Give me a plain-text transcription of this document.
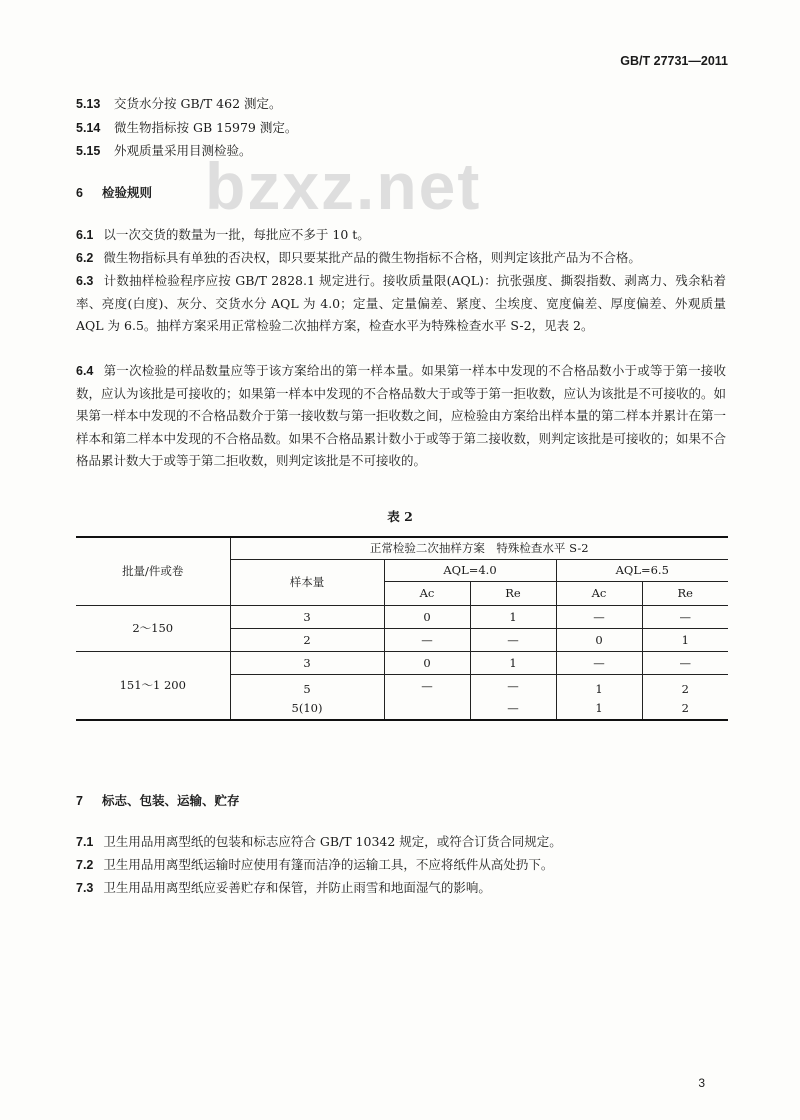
GB/T 27731—2011
bzxz.net
5.13 交货水分按 GB/T 462 测定。
5.14 微生物指标按 GB 15979 测定。
5.15 外观质量采用目测检验。
6 检验规则
6.1 以一次交货的数量为一批，每批应不多于 10 t。
6.2 微生物指标具有单独的否决权，即只要某批产品的微生物指标不合格，则判定该批产品为不合格。
6.3 计数抽样检验程序应按 GB/T 2828.1 规定进行。接收质量限(AQL)：抗张强度、撕裂指数、剥离力、残余粘着率、亮度(白度)、灰分、交货水分 AQL 为 4.0；定量、定量偏差、紧度、尘埃度、宽度偏差、厚度偏差、外观质量 AQL 为 6.5。抽样方案采用正常检验二次抽样方案，检查水平为特殊检查水平 S-2，见表 2。
6.4 第一次检验的样品数量应等于该方案给出的第一样本量。如果第一样本中发现的不合格品数小于或等于第一接收数，应认为该批是可接收的；如果第一样本中发现的不合格品数大于或等于第一拒收数，应认为该批是不可接收的。如果第一样本中发现的不合格品数介于第一接收数与第一拒收数之间，应检验由方案给出样本量的第二样本并累计在第一样本和第二样本中发现的不合格品数。如果不合格品累计数小于或等于第二接收数，则判定该批是可接收的；如果不合格品累计数大于或等于第二拒收数，则判定该批是不可接收的。
表 2
批量/件或卷	正常检验二次抽样方案　特殊检查水平 S-2				
	样本量	AQL=4.0		AQL=6.5	
		Ac	Re	Ac	Re
2～150	3	0	1	—	—
	2	—	—	0	1
151～1 200	3	0	1	—	—
	5	—	—	1	2
	5(10)		—	1	2
7 标志、包装、运输、贮存
7.1 卫生用品用离型纸的包装和标志应符合 GB/T 10342 规定，或符合订货合同规定。
7.2 卫生用品用离型纸运输时应使用有篷而洁净的运输工具，不应将纸件从高处扔下。
7.3 卫生用品用离型纸应妥善贮存和保管，并防止雨雪和地面湿气的影响。
3
